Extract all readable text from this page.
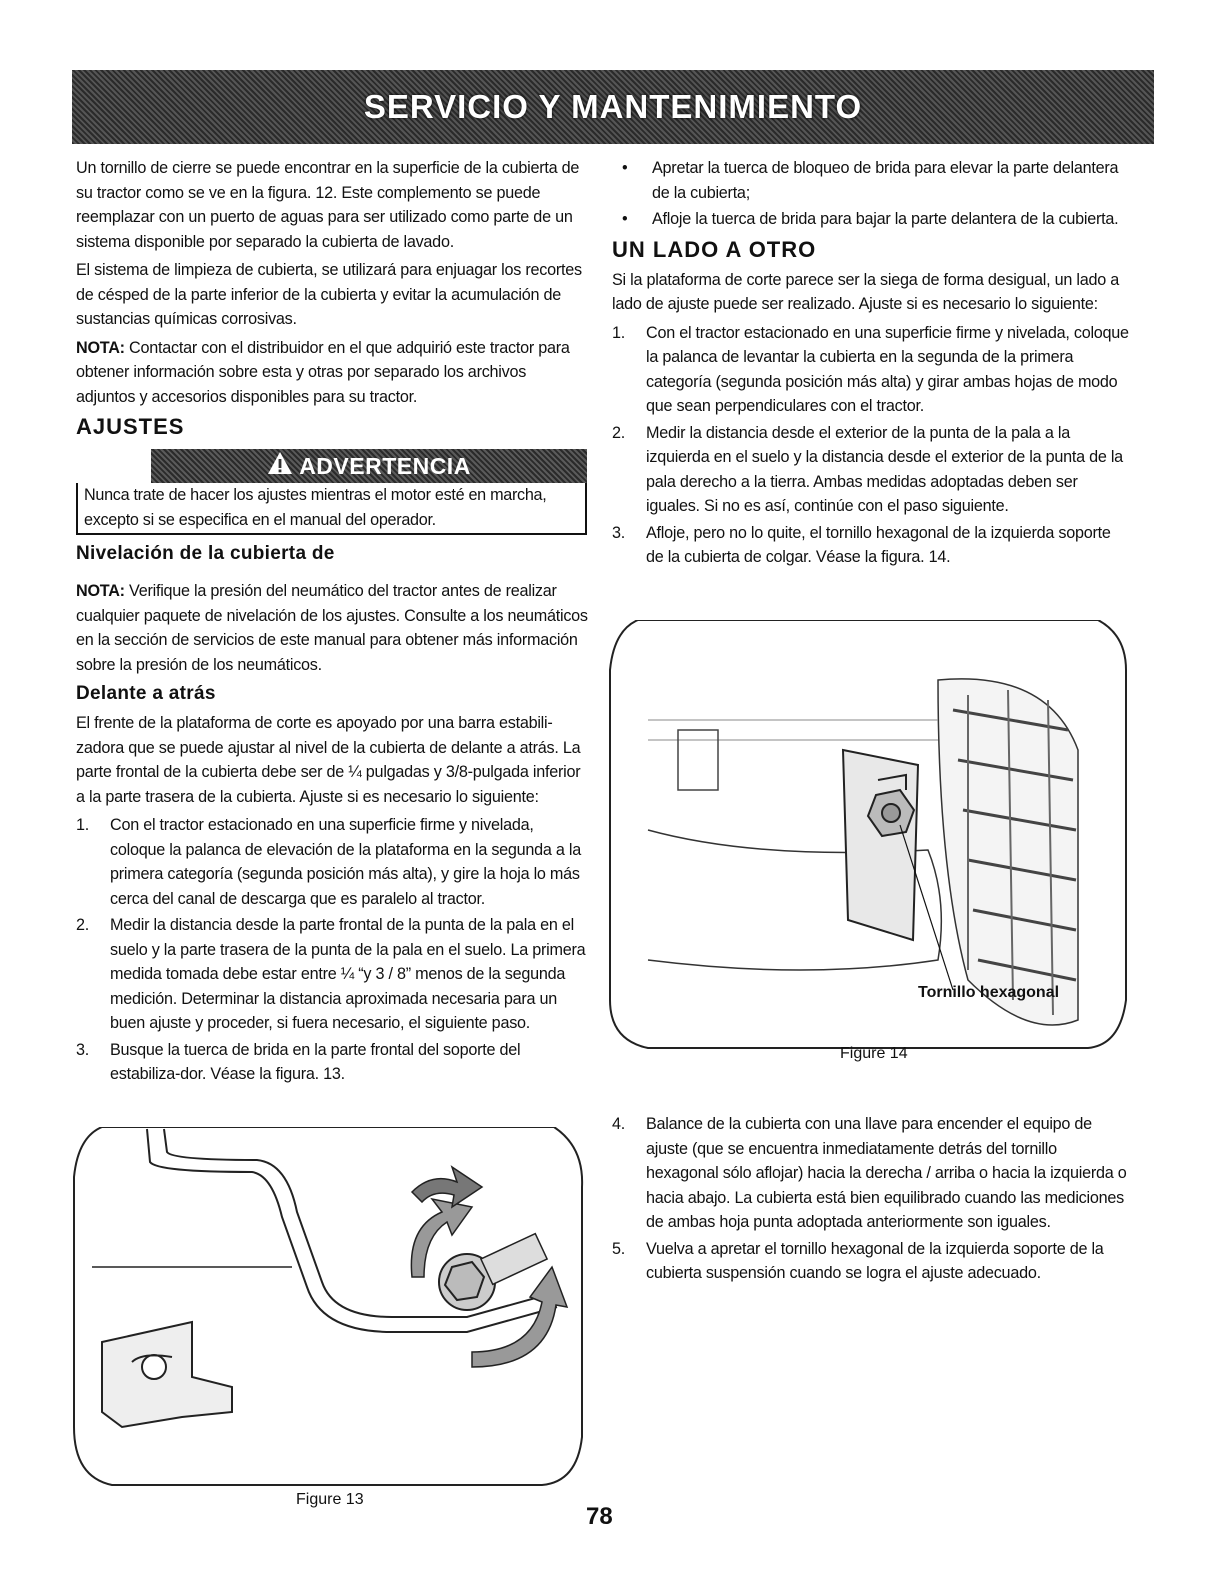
SERVICIO Y MANTENIMIENTO

Un tornillo de cierre se puede encontrar en la superficie de la cubierta de su tractor como se ve en la figura. 12. Este complemento se puede reemplazar con un puerto de aguas para ser utilizado como parte de un sistema disponible por separado la cubierta de lavado.

El sistema de limpieza de cubierta, se utilizará para enjuagar los recortes de césped de la parte inferior de la cubierta y evitar la acumulación de sustancias químicas corrosivas.

NOTA: Contactar con el distribuidor en el que adquirió este tractor para obtener información sobre esta y otras por separado los archivos adjuntos y accesorios disponibles para su tractor.

AJUSTES
ADVERTENCIA
Nunca trate de hacer los ajustes mientras el motor esté en marcha, excepto si se especifica en el manual del operador.
Nivelación de la cubierta de

NOTA: Verifique la presión del neumático del tractor antes de realizar cualquier paquete de nivelación de los ajustes. Consulte a los neumáticos en la sección de servicios de este manual para obtener más información sobre la presión de los neumáticos.

Delante a atrás

El frente de la plataforma de corte es apoyado por una barra estabili-zadora que se puede ajustar al nivel de la cubierta de delante a atrás. La parte frontal de la cubierta debe ser de ¼ pulgadas y 3/8-pulgada inferior a la parte trasera de la cubierta. Ajuste si es necesario lo siguiente:

1. Con el tractor estacionado en una superficie firme y nivelada, coloque la palanca de elevación de la plataforma en la segunda a la primera categoría (segunda posición más alta), y gire la hoja lo más cerca del canal de descarga que es paralelo al tractor.
2. Medir la distancia desde la parte frontal de la punta de la pala en el suelo y la parte trasera de la punta de la pala en el suelo. La primera medida tomada debe estar entre ¼ “y 3 / 8” menos de la segunda medición. Determinar la distancia aproximada necesaria para un buen ajuste y proceder, si fuera necesario, el siguiente paso.
3. Busque la tuerca de brida en la parte frontal del soporte del estabiliza-dor. Véase la figura. 13.
Figure 13
• Apretar la tuerca de bloqueo de brida para elevar la parte delantera de la cubierta;
• Afloje la tuerca de brida para bajar la parte delantera de la cubierta.
UN LADO A OTRO

Si la plataforma de corte parece ser la siega de forma desigual, un lado a lado de ajuste puede ser realizado. Ajuste si es necesario lo siguiente:

1. Con el tractor estacionado en una superficie firme y nivelada, coloque la palanca de levantar la cubierta en la segunda de la primera categoría (segunda posición más alta) y girar ambas hojas de modo que sean perpendiculares con el tractor.
2. Medir la distancia desde el exterior de la punta de la pala a la izquierda en el suelo y la distancia desde el exterior de la punta de la pala derecho a la tierra. Ambas medidas adoptadas deben ser iguales. Si no es así, continúe con el paso siguiente.
3. Afloje, pero no lo quite, el tornillo hexagonal de la izquierda soporte de la cubierta de colgar. Véase la figura. 14.
Tornillo hexagonal
Figure 14
4. Balance de la cubierta con una llave para encender el equipo de ajuste (que se encuentra inmediatamente detrás del tornillo hexagonal sólo aflojar) hacia la derecha / arriba o hacia la izquierda o hacia abajo. La cubierta está bien equilibrado cuando las mediciones de ambas hoja punta adoptada anteriormente son iguales.
5. Vuelva a apretar el tornillo hexagonal de la izquierda soporte de la cubierta suspensión cuando se logra el ajuste adecuado.
78
